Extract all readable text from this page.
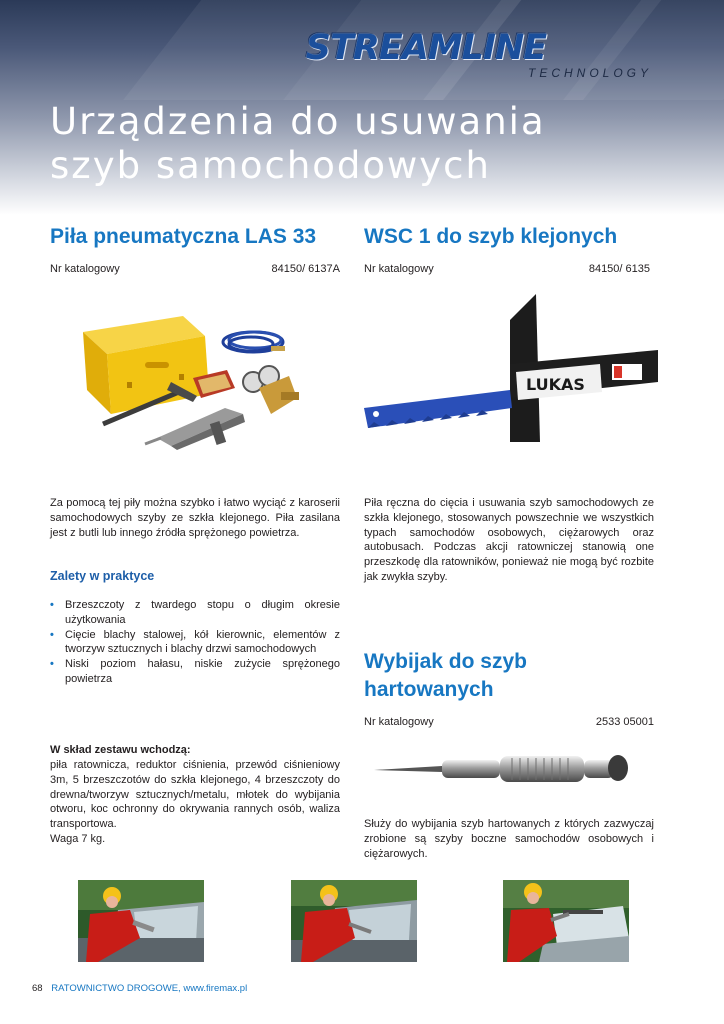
STREAMLINE
TECHNOLOGY
Urządzenia do usuwania
szyb samochodowych
Piła pneumatyczna LAS 33
Nr katalogowy	84150/ 6137A

Za pomocą tej piły można szybko i łatwo wyciąć z karoserii samochodowych szyby ze szkła klejonego. Piła zasilana jest z butli lub innego źródła sprężonego powietrza.

Zalety w praktyce
• Brzeszczoty z twardego stopu o długim okresie użytkowania
• Cięcie blachy stalowej, kół kierownic, elementów z tworzyw sztucznych i blachy drzwi samochodowych
• Niski poziom hałasu, niskie zużycie sprężonego powietrza
W skład zestawu wchodzą:

piła ratownicza, reduktor ciśnienia, przewód ciśnieniowy 3m, 5 brzeszczotów do szkła klejonego, 4 brzeszczoty do drewna/tworzyw sztucznych/metalu, młotek do wybijania otworu, koc ochronny do okrywania rannych osób, waliza transportowa.

Waga 7 kg.

WSC 1 do szyb klejonych
Nr katalogowy	84150/ 6135
LUKAS

Piła ręczna do cięcia i usuwania szyb samochodowych ze szkła klejonego, stosowanych powszechnie we wszystkich typach samochodów osobowych, ciężarowych oraz autobusach. Podczas akcji ratowniczej stanowią one przeszkodę dla ratowników, ponieważ nie mogą być rozbite jak zwykła szyby.

Wybijak do szyb
hartowanych
Nr katalogowy	2533 05001

Służy do wybijania szyb hartowanych z których zazwyczaj zrobione są szyby boczne samochodów osobowych i ciężarowych.

68 RATOWNICTWO DROGOWE, www.firemax.pl
